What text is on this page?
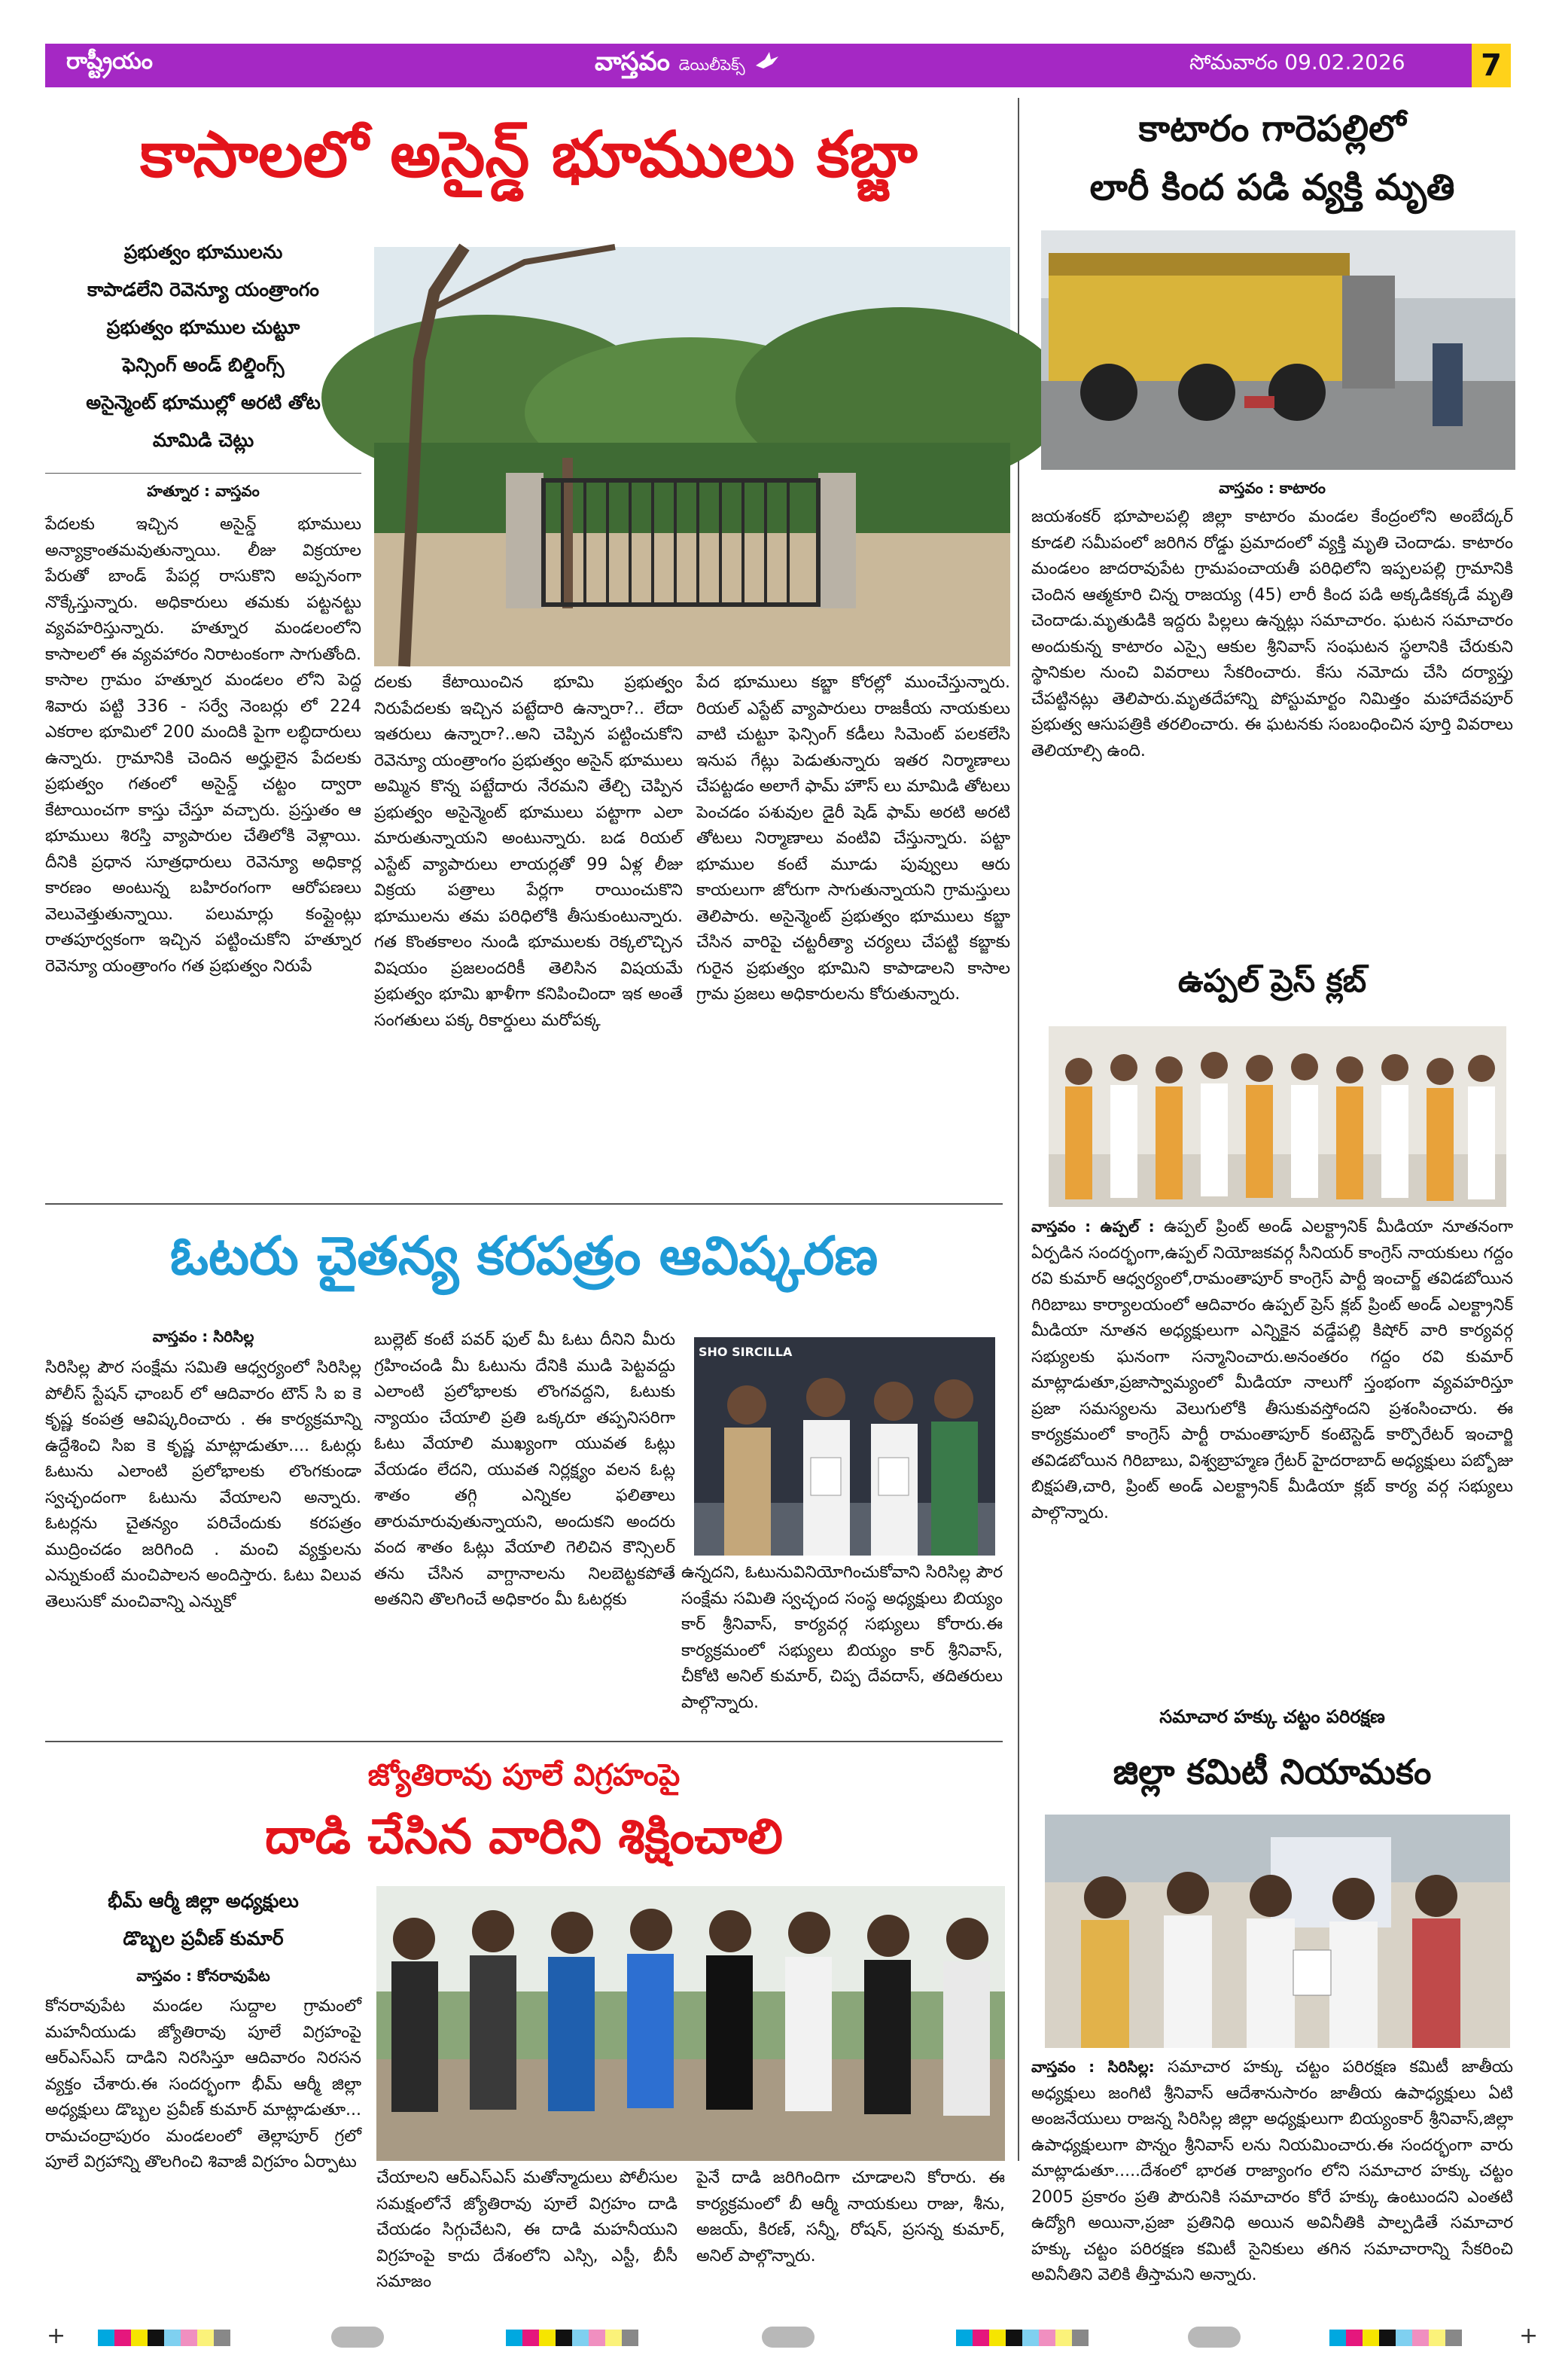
రాష్ట్రీయం	వాస్తవం డెయిలీపెక్స్	సోమవారం 09.02.2026	7
కాసాలలో అసైన్డ్ భూములు కబ్జా
ప్రభుత్వం భూములను
కాపాడలేని రెవెన్యూ యంత్రాంగం
ప్రభుత్వం భూముల చుట్టూ
ఫెన్సింగ్ అండ్ బిల్డింగ్స్
అసైన్మెంట్ భూముల్లో అరటి తోట
మామిడి చెట్లు
హత్నూర : వాస్తవం
పేదలకు ఇచ్చిన అసైన్డ్ భూములు అన్యాక్రాంతమవుతున్నాయి. లీజు విక్రయాల పేరుతో బాండ్ పేపర్ల రాసుకొని అప్పనంగా నొక్కేస్తున్నారు. అధికారులు తమకు పట్టనట్టు వ్యవహరిస్తున్నారు. హత్నూర మండలంలోని కాసాలలో ఈ వ్యవహారం నిరాటంకంగా సాగుతోంది. కాసాల గ్రామం హత్నూర మండలం లోని పెద్ద శివారు పట్టి 336 - సర్వే నెంబర్లు లో 224 ఎకరాల భూమిలో 200 మందికి పైగా లబ్ధిదారులు ఉన్నారు. గ్రామానికి చెందిన అర్హులైన పేదలకు ప్రభుత్వం గతంలో అసైన్డ్ చట్టం ద్వారా కేటాయించగా కాస్తు చేస్తూ వచ్చారు. ప్రస్తుతం ఆ భూములు శిరస్తి వ్యాపారుల చేతిలోకి వెళ్లాయి. దీనికి ప్రధాన సూత్రధారులు రెవెన్యూ అధికార్ల కారణం అంటున్న బహిరంగంగా ఆరోపణలు వెలువెత్తుతున్నాయి. పలుమార్లు కంప్లైంట్లు రాతపూర్వకంగా ఇచ్చిన పట్టించుకోని హత్నూర రెవెన్యూ యంత్రాంగం గత ప్రభుత్వం నిరుపే
దలకు కేటాయించిన భూమి ప్రభుత్వం నిరుపేదలకు ఇచ్చిన పట్టేదారి ఉన్నారా?.. లేదా ఇతరులు ఉన్నారా?..అని చెప్పిన పట్టించుకోని రెవెన్యూ యంత్రాంగం ప్రభుత్వం అసైన్ భూములు అమ్మిన కొన్న పట్టేదారు నేరమని తేల్చి చెప్పిన ప్రభుత్వం అసైన్మెంట్ భూములు పట్టాగా ఎలా మారుతున్నాయని అంటున్నారు. బడ రియల్ ఎస్టేట్ వ్యాపారులు లాయర్లతో 99 ఏళ్ల లీజు విక్రయ పత్రాలు పేర్లగా రాయించుకొని భూములను తమ పరిధిలోకి తీసుకుంటున్నారు. గత కొంతకాలం నుండి భూములకు రెక్కలొచ్చిన విషయం ప్రజలందరికీ తెలిసిన విషయమే ప్రభుత్వం భూమి ఖాళీగా కనిపించిందా ఇక అంతే సంగతులు పక్క రికార్డులు మరోపక్క
పేద భూములు కబ్జా కోరల్లో ముంచేస్తున్నారు. రియల్ ఎస్టేట్ వ్యాపారులు రాజకీయ నాయకులు వాటి చుట్టూ ఫెన్సింగ్ కడీలు సిమెంట్ పలకలేసి ఇనుప గేట్లు పెడుతున్నారు ఇతర నిర్మాణాలు చేపట్టడం అలాగే ఫామ్ హౌస్ లు మామిడి తోటలు పెంచడం పశువుల డైరీ షెడ్ ఫామ్ అరటి అరటి తోటలు నిర్మాణాలు వంటివి చేస్తున్నారు. పట్టా భూముల కంటే మూడు పువ్వులు ఆరు కాయలుగా జోరుగా సాగుతున్నాయని గ్రామస్తులు తెలిపారు. అసైన్మెంట్ ప్రభుత్వం భూములు కబ్జా చేసిన వారిపై చట్టరీత్యా చర్యలు చేపట్టి కబ్జాకు గురైన ప్రభుత్వం భూమిని కాపాడాలని కాసాల గ్రామ ప్రజలు అధికారులను కోరుతున్నారు.
కాటారం గారెపల్లిలో
లారీ కింద పడి వ్యక్తి మృతి
వాస్తవం : కాటారం
జయశంకర్ భూపాలపల్లి జిల్లా కాటారం మండల కేంద్రంలోని అంబేద్కర్ కూడలి సమీపంలో జరిగిన రోడ్డు ప్రమాదంలో వ్యక్తి మృతి చెందాడు. కాటారం మండలం జాదరావుపేట గ్రామపంచాయతీ పరిధిలోని ఇప్పలపల్లి గ్రామానికి చెందిన ఆత్మకూరి చిన్న రాజయ్య (45) లారీ కింద పడి అక్కడికక్కడే మృతి చెందాడు.మృతుడికి ఇద్దరు పిల్లలు ఉన్నట్లు సమాచారం. ఘటన సమాచారం అందుకున్న కాటారం ఎస్సై ఆకుల శ్రీనివాస్ సంఘటన స్థలానికి చేరుకుని స్థానికుల నుంచి వివరాలు సేకరించారు. కేసు నమోదు చేసి దర్యాప్తు చేపట్టినట్లు తెలిపారు.మృతదేహాన్ని పోస్టుమార్టం నిమిత్తం మహాదేవపూర్ ప్రభుత్వ ఆసుపత్రికి తరలించారు. ఈ ఘటనకు సంబంధించిన పూర్తి వివరాలు తెలియాల్సి ఉంది.
ఉప్పల్ ప్రెస్ క్లబ్
వాస్తవం : ఉప్పల్ : ఉప్పల్ ప్రింట్ అండ్ ఎలక్ట్రానిక్ మీడియా నూతనంగా ఏర్పడిన సందర్భంగా,ఉప్పల్ నియోజకవర్గ సీనియర్ కాంగ్రెస్ నాయకులు గద్దం రవి కుమార్ ఆధ్వర్యంలో,రామంతాపూర్ కాంగ్రెస్ పార్టీ ఇంచార్జ్ తవిడబోయిన గిరిబాబు కార్యాలయంలో ఆదివారం ఉప్పల్ ప్రెస్ క్లబ్ ప్రింట్ అండ్ ఎలక్ట్రానిక్ మీడియా నూతన అధ్యక్షులుగా ఎన్నికైన వడ్డేపల్లి కిషోర్ వారి కార్యవర్గ సభ్యులకు ఘనంగా సన్మానించారు.అనంతరం గద్దం రవి కుమార్ మాట్లాడుతూ,ప్రజాస్వామ్యంలో మీడియా నాలుగో స్తంభంగా వ్యవహరిస్తూ ప్రజా సమస్యలను వెలుగులోకి తీసుకువస్తోందని ప్రశంసించారు. ఈ కార్యక్రమంలో కాంగ్రెస్ పార్టీ రామంతాపూర్ కంటెస్టెడ్ కార్పొరేటర్ ఇంచార్జి తవిడబోయిన గిరిబాబు, విశ్వబ్రాహ్మణ గ్రేటర్ హైదరాబాద్ అధ్యక్షులు పబ్బోజు బిక్షపతి,చారి, ప్రింట్ అండ్ ఎలక్ట్రానిక్ మీడియా క్లబ్ కార్య వర్గ సభ్యులు పాల్గొన్నారు.
ఓటరు చైతన్య కరపత్రం ఆవిష్కరణ
వాస్తవం : సిరిసిల్ల
సిరిసిల్ల పౌర సంక్షేమ సమితి ఆధ్వర్యంలో సిరిసిల్ల పోలీస్ స్టేషన్ ఛాంబర్ లో ఆదివారం టౌన్ సి ఐ కె కృష్ణ కంపత్ర ఆవిష్కరించారు . ఈ కార్యక్రమాన్ని ఉద్దేశించి సిఐ కె కృష్ణ మాట్లాడుతూ.... ఓటర్లు ఓటును ఎలాంటి ప్రలోభాలకు లొంగకుండా స్వచ్ఛందంగా ఓటును వేయాలని అన్నారు. ఓటర్లను చైతన్యం పరిచేందుకు కరపత్రం ముద్రించడం జరిగింది . మంచి వ్యక్తులను ఎన్నుకుంటే మంచిపాలన అందిస్తారు. ఓటు విలువ తెలుసుకో మంచివాన్ని ఎన్నుకో
బుల్లెట్ కంటే పవర్ ఫుల్ మీ ఓటు దీనిని మీరు గ్రహించండి మీ ఓటును దేనికి ముడి పెట్టవద్దు ఎలాంటి ప్రలోభాలకు లొంగవద్దని, ఓటుకు న్యాయం చేయాలి ప్రతి ఒక్కరూ తప్పనిసరిగా ఓటు వేయాలి ముఖ్యంగా యువత ఓట్లు వేయడం లేదని, యువత నిర్లక్ష్యం వలన ఓట్ల శాతం తగ్గి ఎన్నికల ఫలితాలు తారుమారువుతున్నాయని, అందుకని అందరు వంద శాతం ఓట్లు వేయాలి గెలిచిన కౌన్సిలర్ తను చేసిన వాగ్దానాలను నిలబెట్టకపోతే అతనిని తొలగించే అధికారం మీ ఓటర్లకు
SHO SIRCILLA
ఉన్నదని, ఓటునువినియోగించుకోవాని సిరిసిల్ల పౌర సంక్షేమ సమితి స్వచ్ఛంద సంస్థ అధ్యక్షులు బియ్యం కార్ శ్రీనివాస్, కార్యవర్గ సభ్యులు కోరారు.ఈ కార్యక్రమంలో సభ్యులు బియ్యం కార్ శ్రీనివాస్, చీకోటి అనిల్ కుమార్, చిప్ప దేవదాస్, తదితరులు పాల్గొన్నారు.
జ్యోతిరావు పూలే విగ్రహంపై
దాడి చేసిన వారిని శిక్షించాలి
భీమ్ ఆర్మీ జిల్లా అధ్యక్షులు
డొబ్బల ప్రవీణ్ కుమార్
వాస్తవం : కోనరావుపేట
కోనరావుపేట మండల సుద్దాల గ్రామంలో మహనీయుడు జ్యోతిరావు పూలే విగ్రహంపై ఆర్ఎస్ఎస్ దాడిని నిరసిస్తూ ఆదివారం నిరసన వ్యక్తం చేశారు.ఈ సందర్భంగా భీమ్ ఆర్మీ జిల్లా అధ్యక్షులు డొబ్బల ప్రవీణ్ కుమార్ మాట్లాడుతూ... రామచంద్రాపురం మండలంలో తెల్లాపూర్ గ్రలో పూలే విగ్రహాన్ని తొలగించి శివాజీ విగ్రహం ఏర్పాటు
చేయాలని ఆర్ఎస్ఎస్ మతోన్మాదులు పోలీసుల సమక్షంలోనే జ్యోతిరావు పూలే విగ్రహం దాడి చేయడం సిగ్గుచేటని, ఈ దాడి మహనీయుని విగ్రహంపై కాదు దేశంలోని ఎస్సి, ఎస్టీ, బీసీ సమాజం
పైనే దాడి జరిగిందిగా చూడాలని కోరారు. ఈ కార్యక్రమంలో బీ ఆర్మీ నాయకులు రాజు, శీను, అజయ్, కిరణ్, సన్నీ, రోషన్, ప్రసన్న కుమార్, అనిల్ పాల్గొన్నారు.
సమాచార హక్కు చట్టం పరిరక్షణ
జిల్లా కమిటీ నియామకం
వాస్తవం : సిరిసిల్ల: సమాచార హక్కు చట్టం పరిరక్షణ కమిటీ జాతీయ అధ్యక్షులు జంగిటి శ్రీనివాస్ ఆదేశానుసారం జాతీయ ఉపాధ్యక్షులు ఏటి అంజనేయులు రాజన్న సిరిసిల్ల జిల్లా అధ్యక్షులుగా బియ్యంకార్ శ్రీనివాస్,జిల్లా ఉపాధ్యక్షులుగా పొన్నం శ్రీనివాస్ లను నియమించారు.ఈ సందర్భంగా వారు మాట్లాడుతూ.....దేశంలో భారత రాజ్యాంగం లోని సమాచార హక్కు చట్టం 2005 ప్రకారం ప్రతి పౌరునికి సమాచారం కోరే హక్కు ఉంటుందని ఎంతటి ఉద్యోగి అయినా,ప్రజా ప్రతినిధి అయిన అవినీతికి పాల్పడితే సమాచార హక్కు చట్టం పరిరక్షణ కమిటీ సైనికులు తగిన సమాచారాన్ని సేకరించి అవినీతిని వెలికి తీస్తామని అన్నారు.
+	+
